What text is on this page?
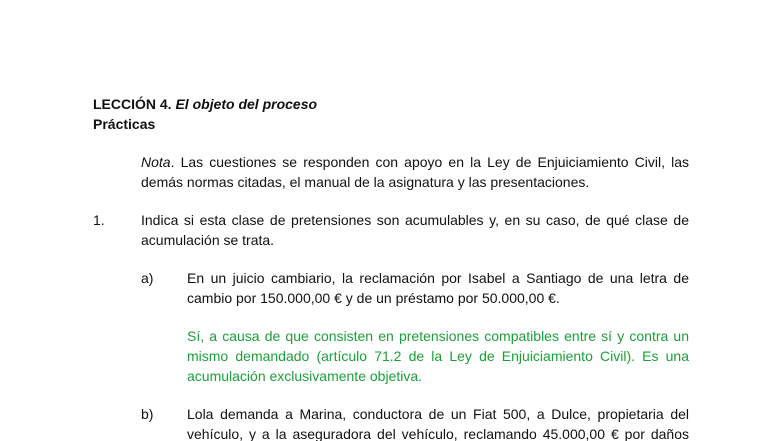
LECCIÓN 4. El objeto del proceso
Prácticas
Nota. Las cuestiones se responden con apoyo en la Ley de Enjuiciamiento Civil, las
demás normas citadas, el manual de la asignatura y las presentaciones.
1.	Indica si esta clase de pretensiones son acumulables y, en su caso, de qué clase de
acumulación se trata.
a) En un juicio cambiario, la reclamación por Isabel a Santiago de una letra de
cambio por 150.000,00 € y de un préstamo por 50.000,00 €.
Sí, a causa de que consisten en pretensiones compatibles entre sí y contra un
mismo demandado (artículo 71.2 de la Ley de Enjuiciamiento Civil). Es una
acumulación exclusivamente objetiva.
b) Lola demanda a Marina, conductora de un Fiat 500, a Dulce, propietaria del
vehículo, y a la aseguradora del vehículo, reclamando 45.000,00 € por daños
